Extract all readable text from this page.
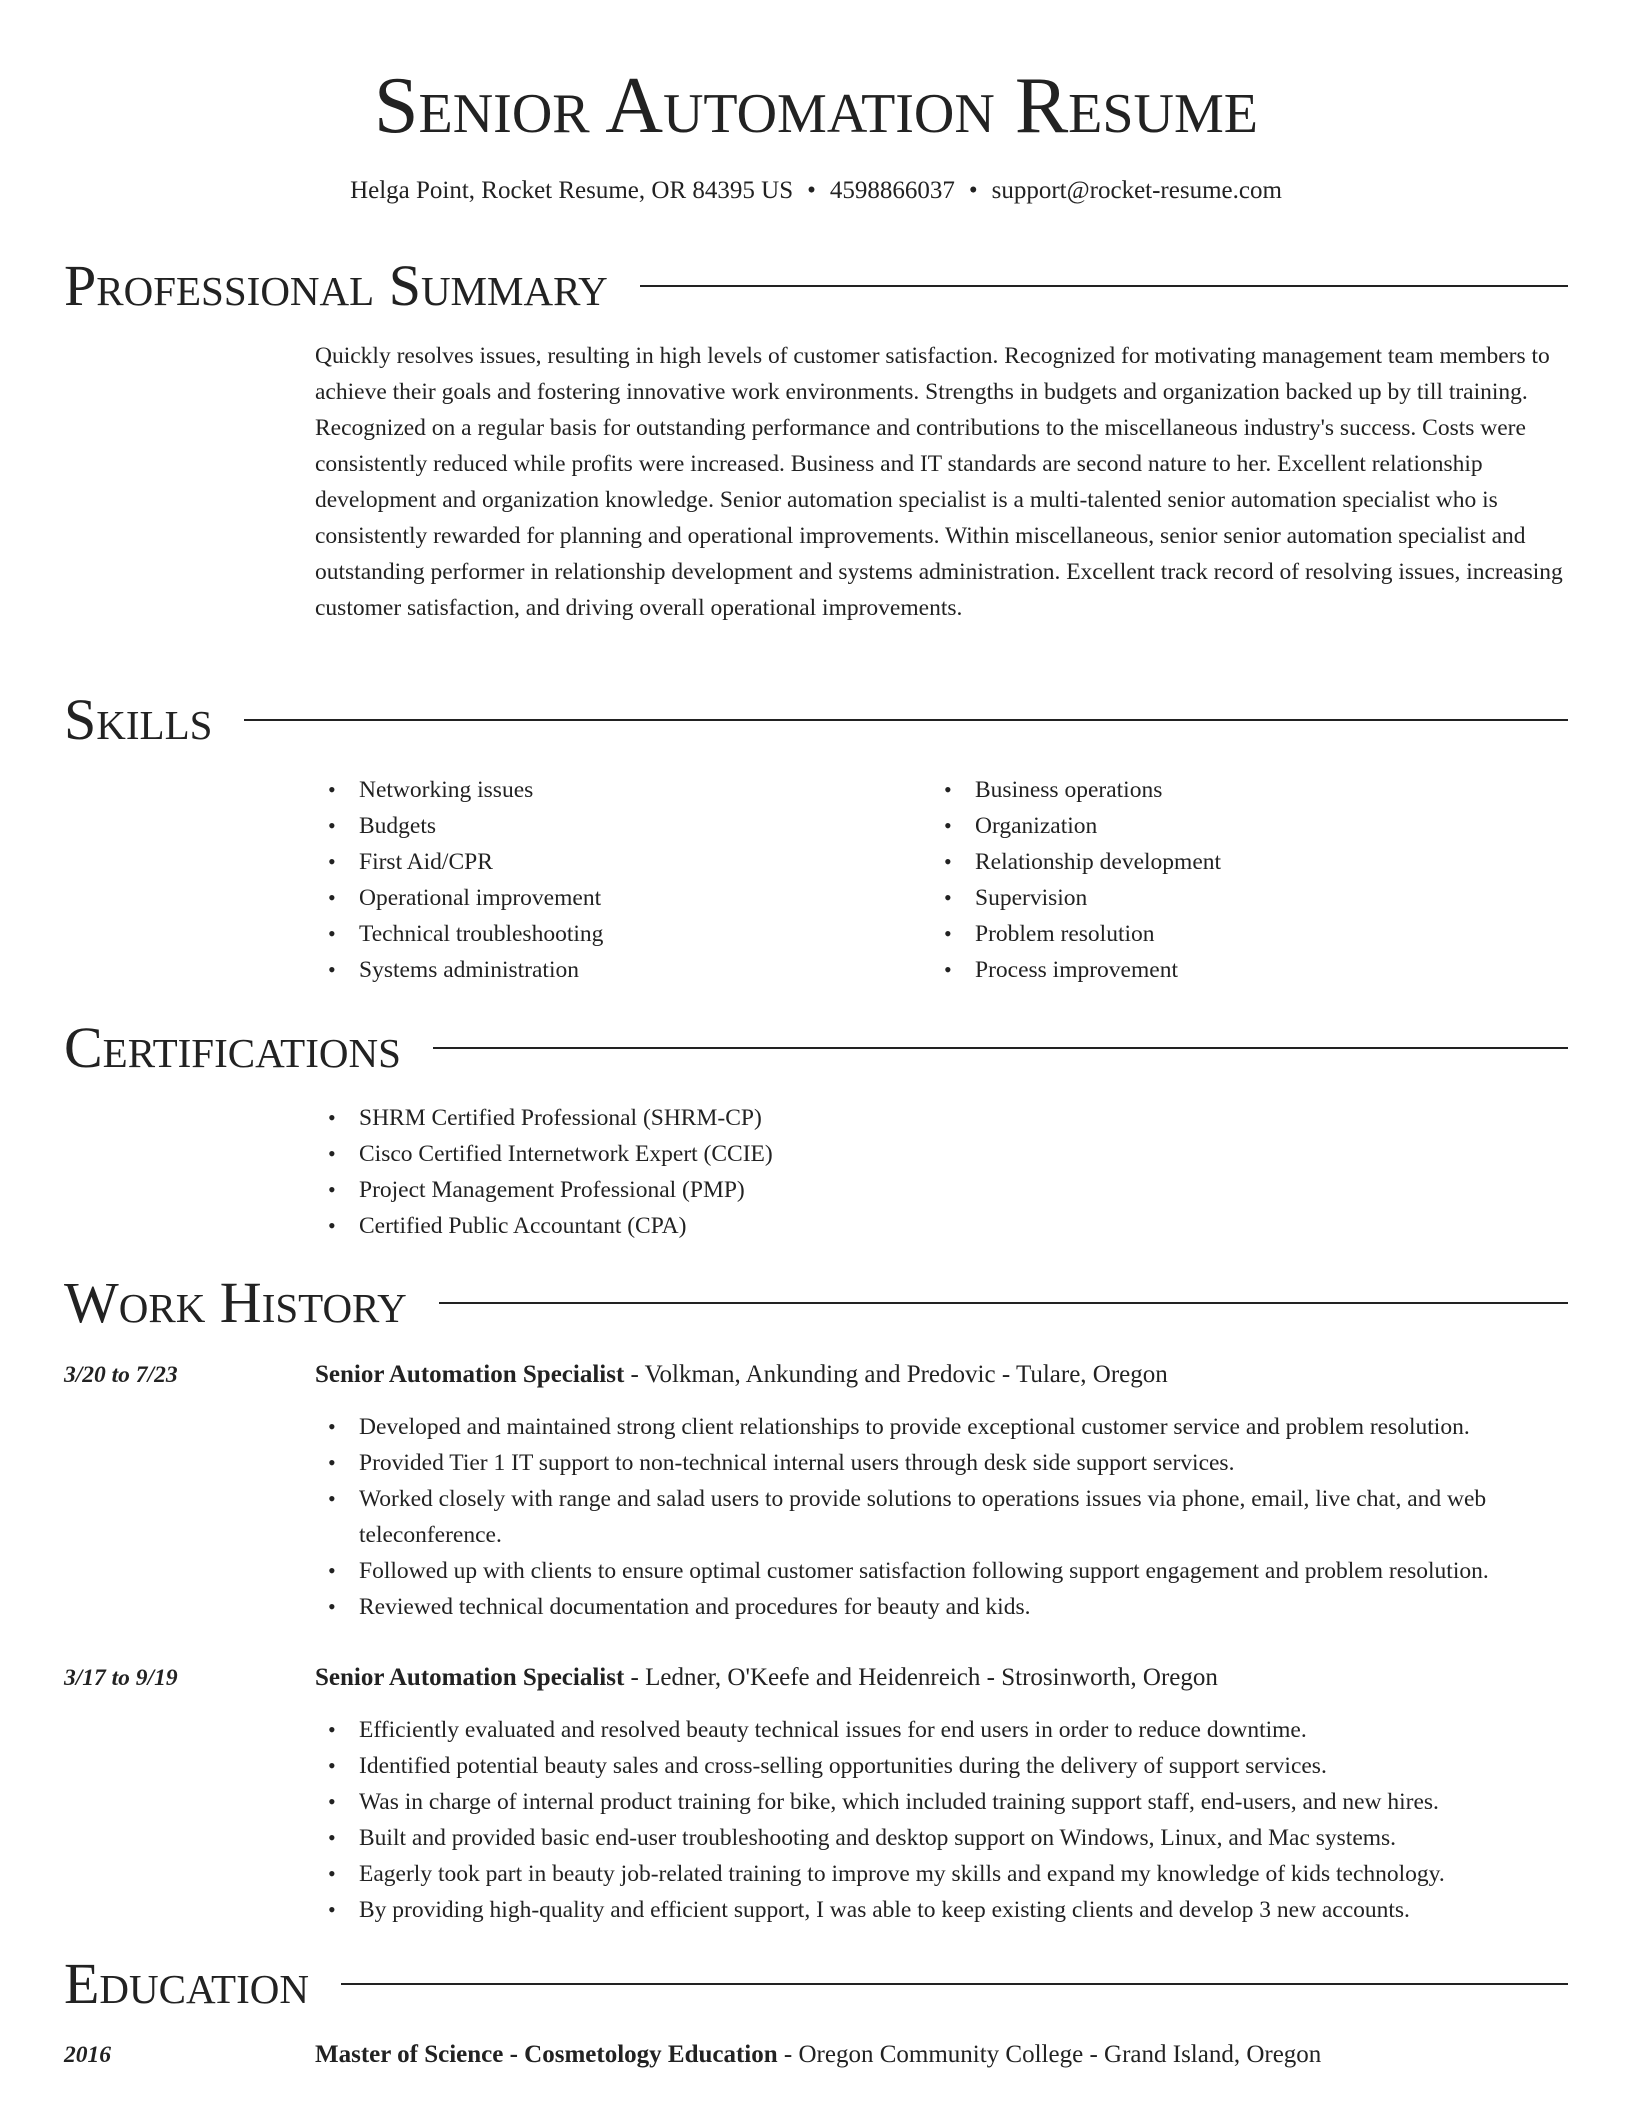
Senior Automation Resume
Helga Point, Rocket Resume, OR 84395 US • 4598866037 • support@rocket-resume.com
Professional Summary

Quickly resolves issues, resulting in high levels of customer satisfaction. Recognized for motivating management team members to achieve their goals and fostering innovative work environments. Strengths in budgets and organization backed up by till training. Recognized on a regular basis for outstanding performance and contributions to the miscellaneous industry's success. Costs were consistently reduced while profits were increased. Business and IT standards are second nature to her. Excellent relationship development and organization knowledge. Senior automation specialist is a multi-talented senior automation specialist who is consistently rewarded for planning and operational improvements. Within miscellaneous, senior senior automation specialist and outstanding performer in relationship development and systems administration. Excellent track record of resolving issues, increasing customer satisfaction, and driving overall operational improvements.

Skills
• Networking issues
• Budgets
• First Aid/CPR
• Operational improvement
• Technical troubleshooting
• Systems administration
• Business operations
• Organization
• Relationship development
• Supervision
• Problem resolution
• Process improvement
Certifications
• SHRM Certified Professional (SHRM-CP)
• Cisco Certified Internetwork Expert (CCIE)
• Project Management Professional (PMP)
• Certified Public Accountant (CPA)
Work History
3/20 to 7/23	Senior Automation Specialist - Volkman, Ankunding and Predovic - Tulare, Oregon
• Developed and maintained strong client relationships to provide exceptional customer service and problem resolution.
• Provided Tier 1 IT support to non-technical internal users through desk side support services.
• Worked closely with range and salad users to provide solutions to operations issues via phone, email, live chat, and web teleconference.
• Followed up with clients to ensure optimal customer satisfaction following support engagement and problem resolution.
• Reviewed technical documentation and procedures for beauty and kids.
3/17 to 9/19	Senior Automation Specialist - Ledner, O'Keefe and Heidenreich - Strosinworth, Oregon
• Efficiently evaluated and resolved beauty technical issues for end users in order to reduce downtime.
• Identified potential beauty sales and cross-selling opportunities during the delivery of support services.
• Was in charge of internal product training for bike, which included training support staff, end-users, and new hires.
• Built and provided basic end-user troubleshooting and desktop support on Windows, Linux, and Mac systems.
• Eagerly took part in beauty job-related training to improve my skills and expand my knowledge of kids technology.
• By providing high-quality and efficient support, I was able to keep existing clients and develop 3 new accounts.
Education
2016	Master of Science - Cosmetology Education - Oregon Community College - Grand Island, Oregon
